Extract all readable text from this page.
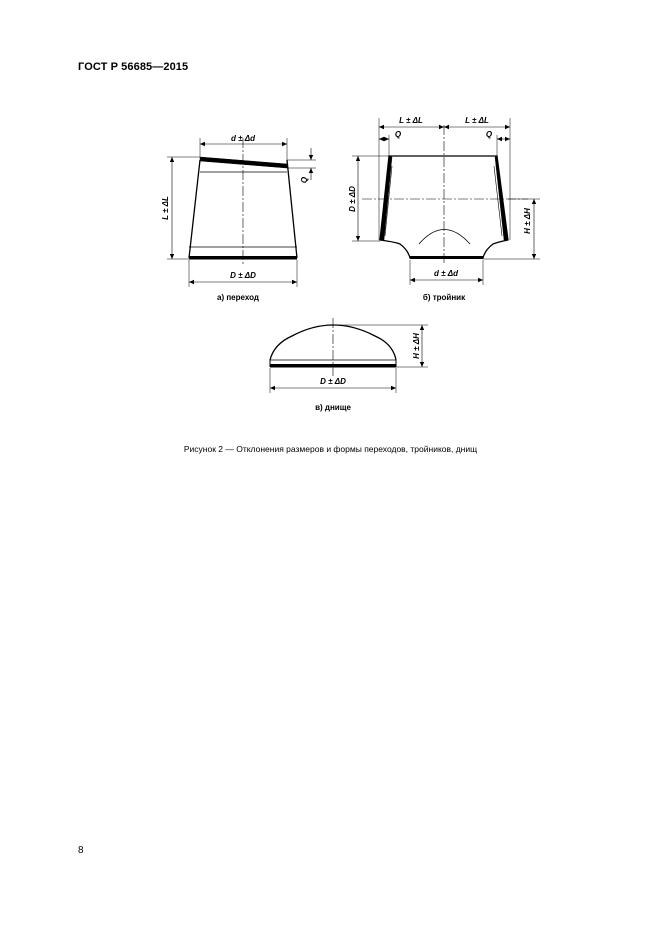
ГОСТ Р 56685—2015
d ± Δd
L ± ΔL
Q
D ± ΔD
а) переход
L ± ΔL	L ± ΔL
Q	Q
D ± ΔD
H ± ΔH
d ± Δd
б) тройник
H ± ΔH
D ± ΔD
в) днище
Рисунок 2 — Отклонения размеров и формы переходов, тройников, днищ
8
